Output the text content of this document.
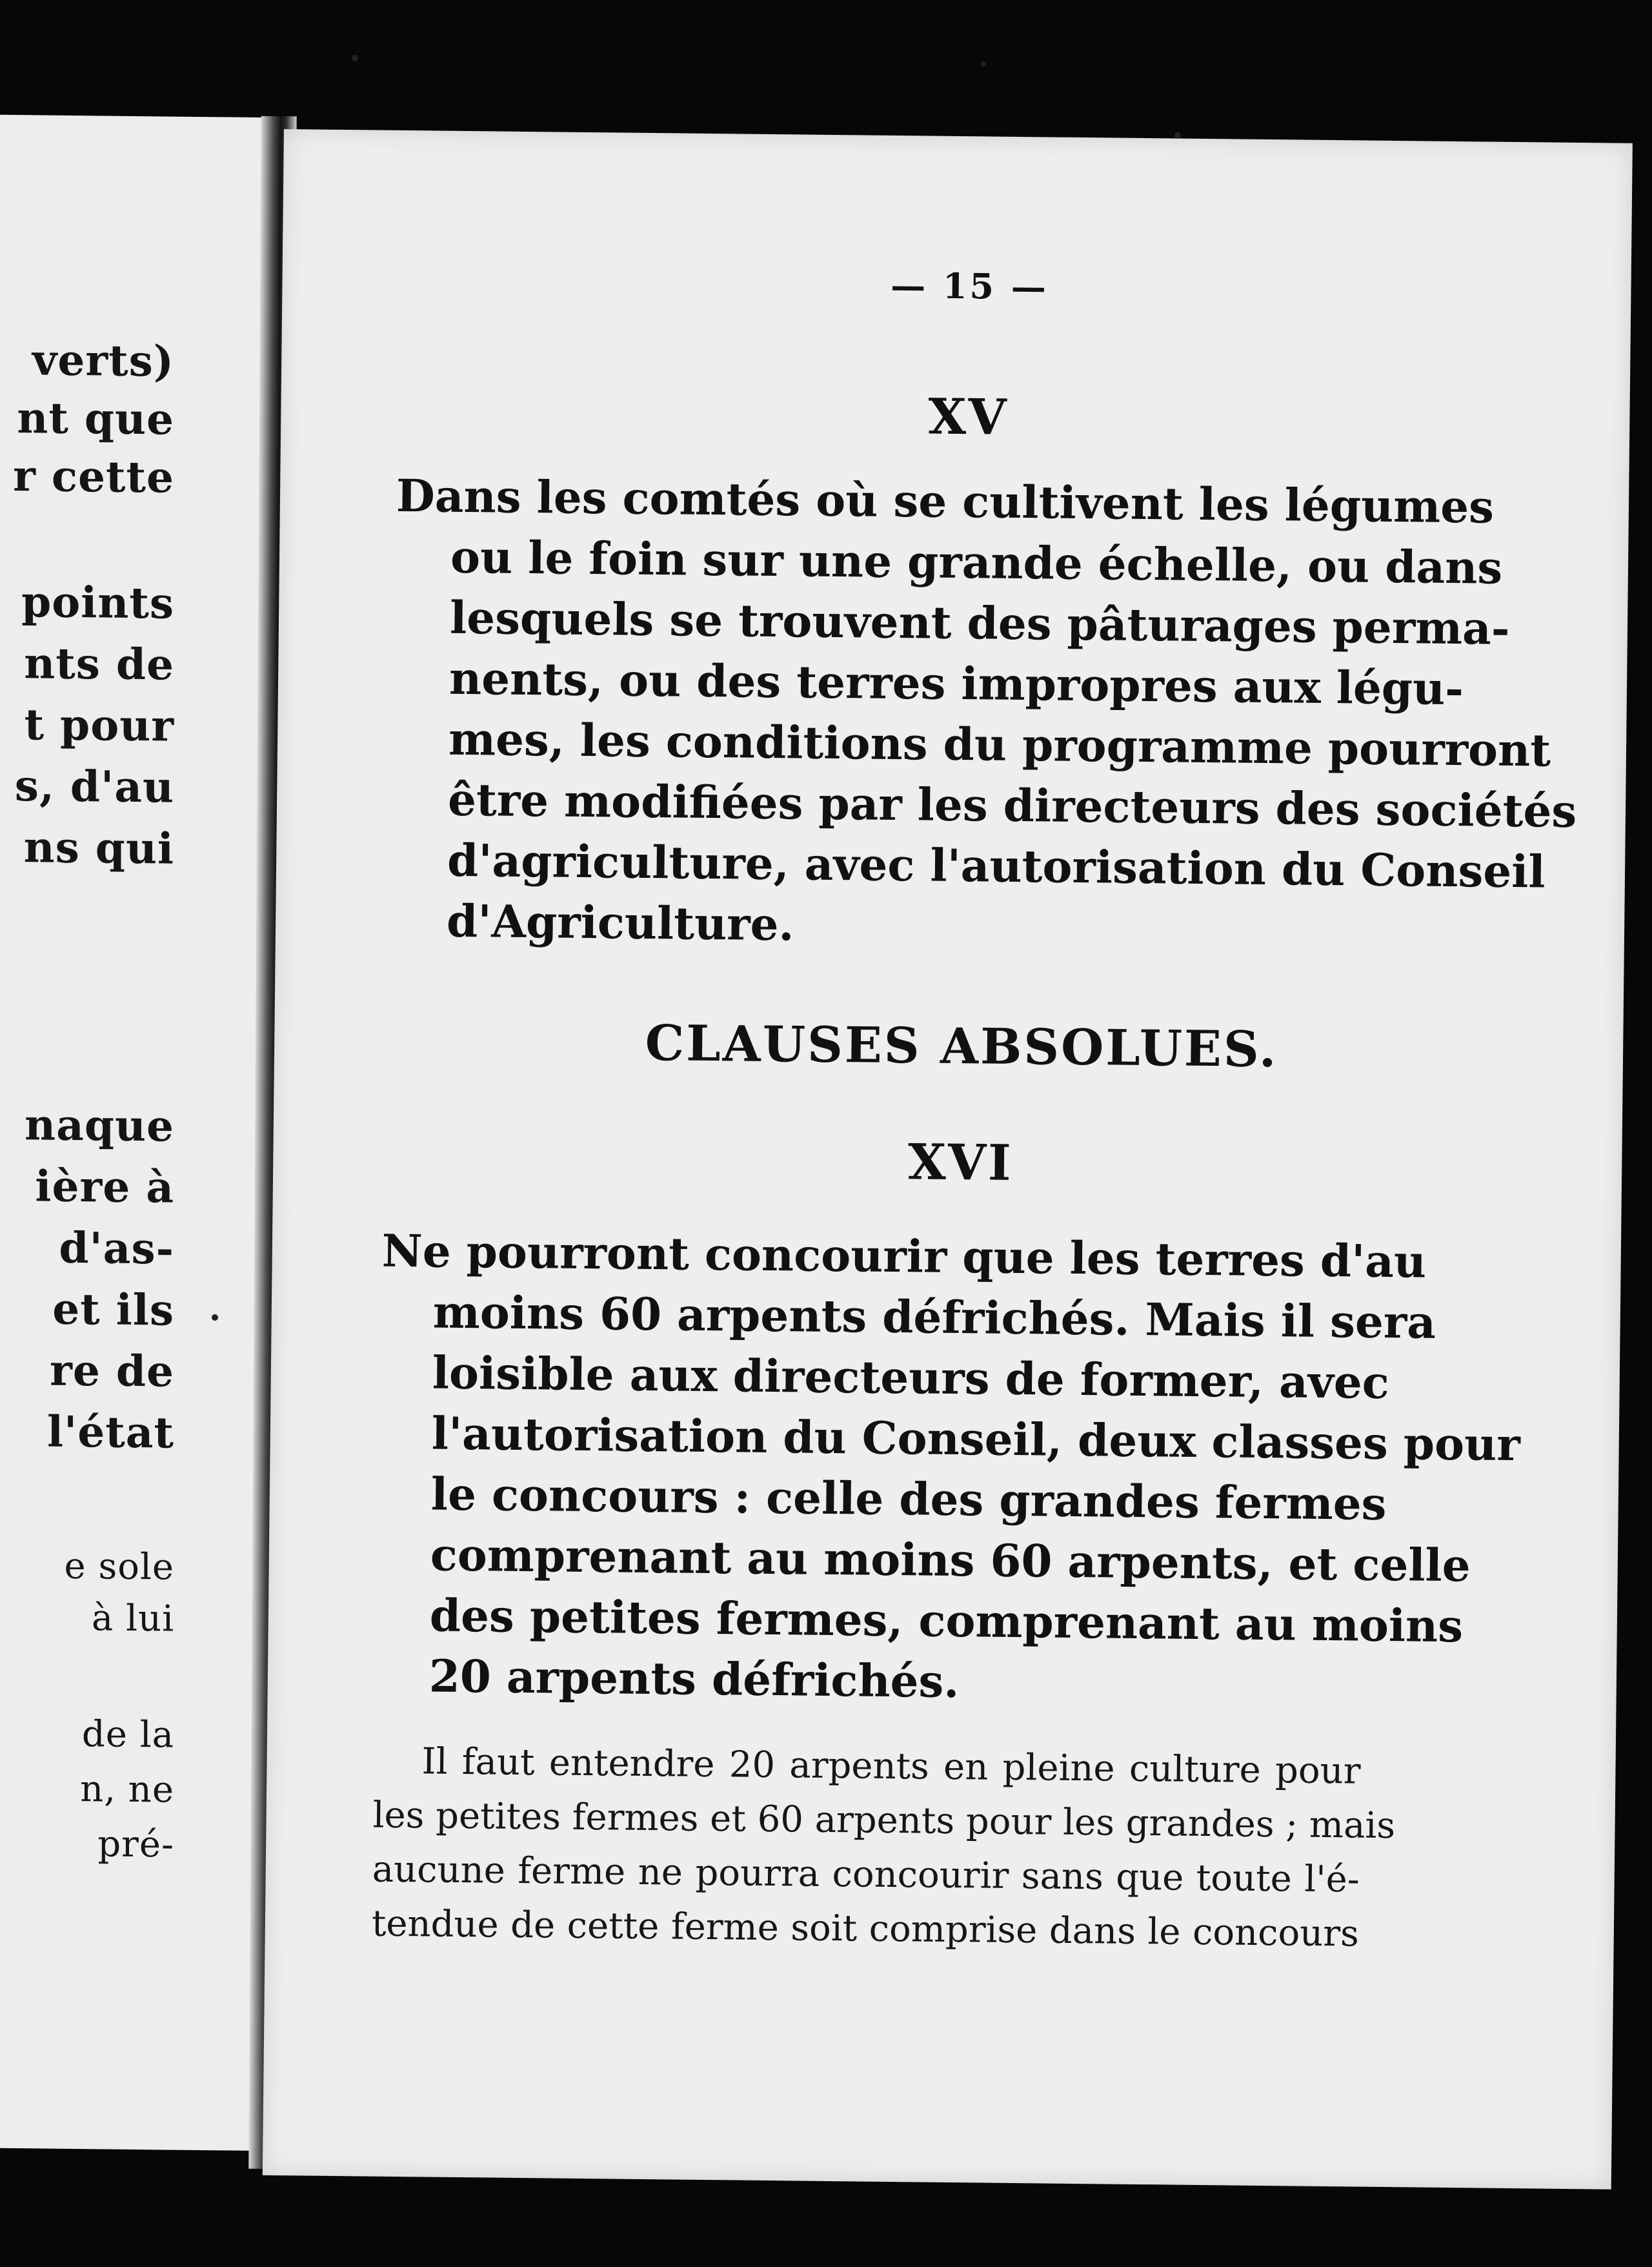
verts)
nt que
r cette
points
nts de
t pour
s, d'au
ns qui
naque
ière à
d'as-
et ils
re de
l'état
e sole
à lui
de la
n, ne
pré-
— 15 —
XV
Dans les comtés où se cultivent les légumes
ou le foin sur une grande échelle, ou dans
lesquels se trouvent des pâturages perma-
nents, ou des terres impropres aux légu-
mes, les conditions du programme pourront
être modifiées par les directeurs des sociétés
d'agriculture, avec l'autorisation du Conseil
d'Agriculture.
CLAUSES ABSOLUES.
XVI
Ne pourront concourir que les terres d'au
moins 60 arpents défrichés. Mais il sera
loisible aux directeurs de former, avec
l'autorisation du Conseil, deux classes pour
le concours : celle des grandes fermes
comprenant au moins 60 arpents, et celle
des petites fermes, comprenant au moins
20 arpents défrichés.
Il faut entendre 20 arpents en pleine culture pour
les petites fermes et 60 arpents pour les grandes ; mais
aucune ferme ne pourra concourir sans que toute l'é-
tendue de cette ferme soit comprise dans le concours
